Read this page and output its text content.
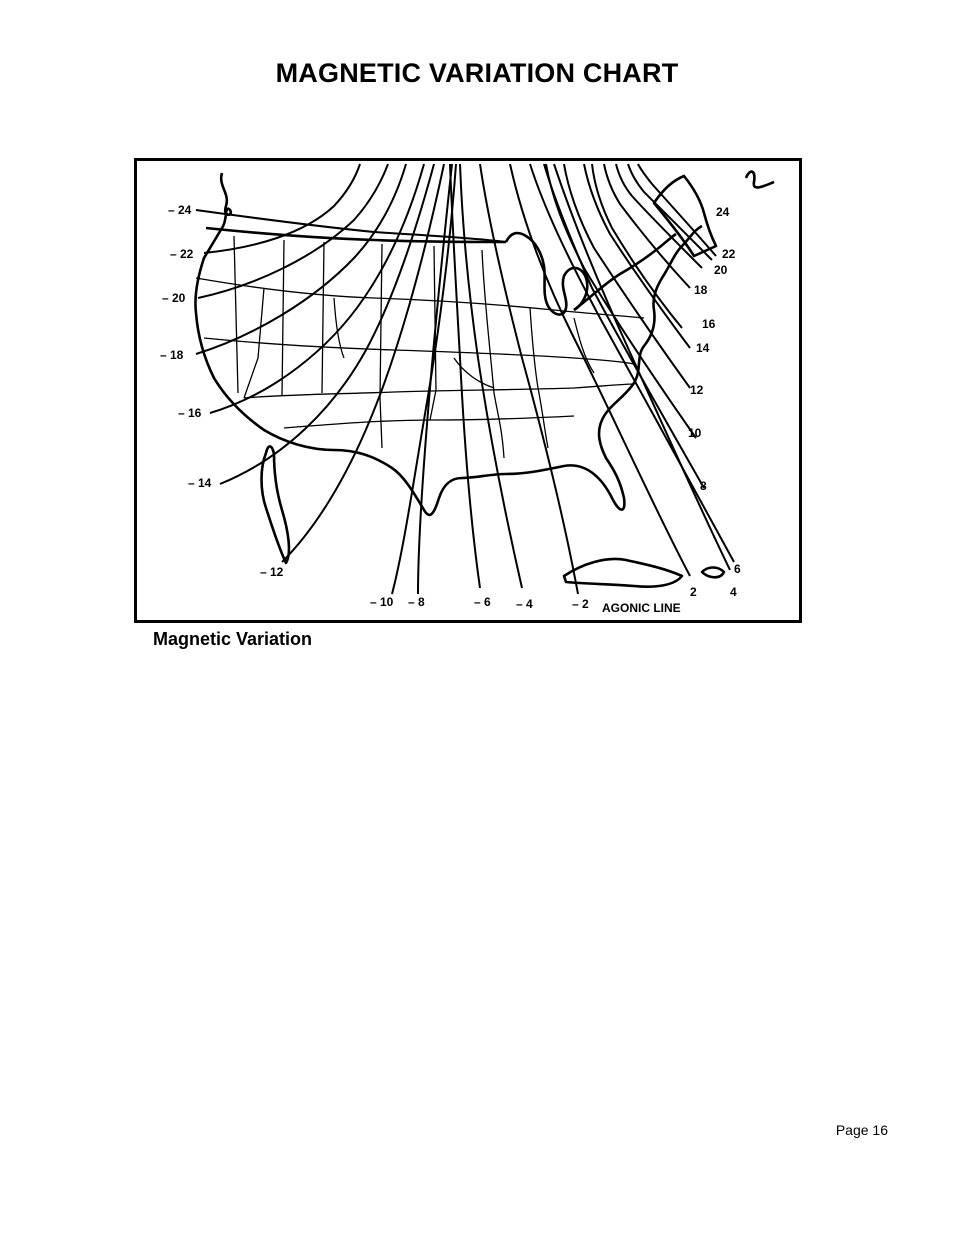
MAGNETIC VARIATION CHART
– 24
– 22
– 20
– 18
– 16
– 14
– 12
– 10 – 8	– 6 – 4	– 2 AGONIC LINE
24
22
20
18
16
14
12
10
8
6
4
2
Magnetic Variation
Page 16
